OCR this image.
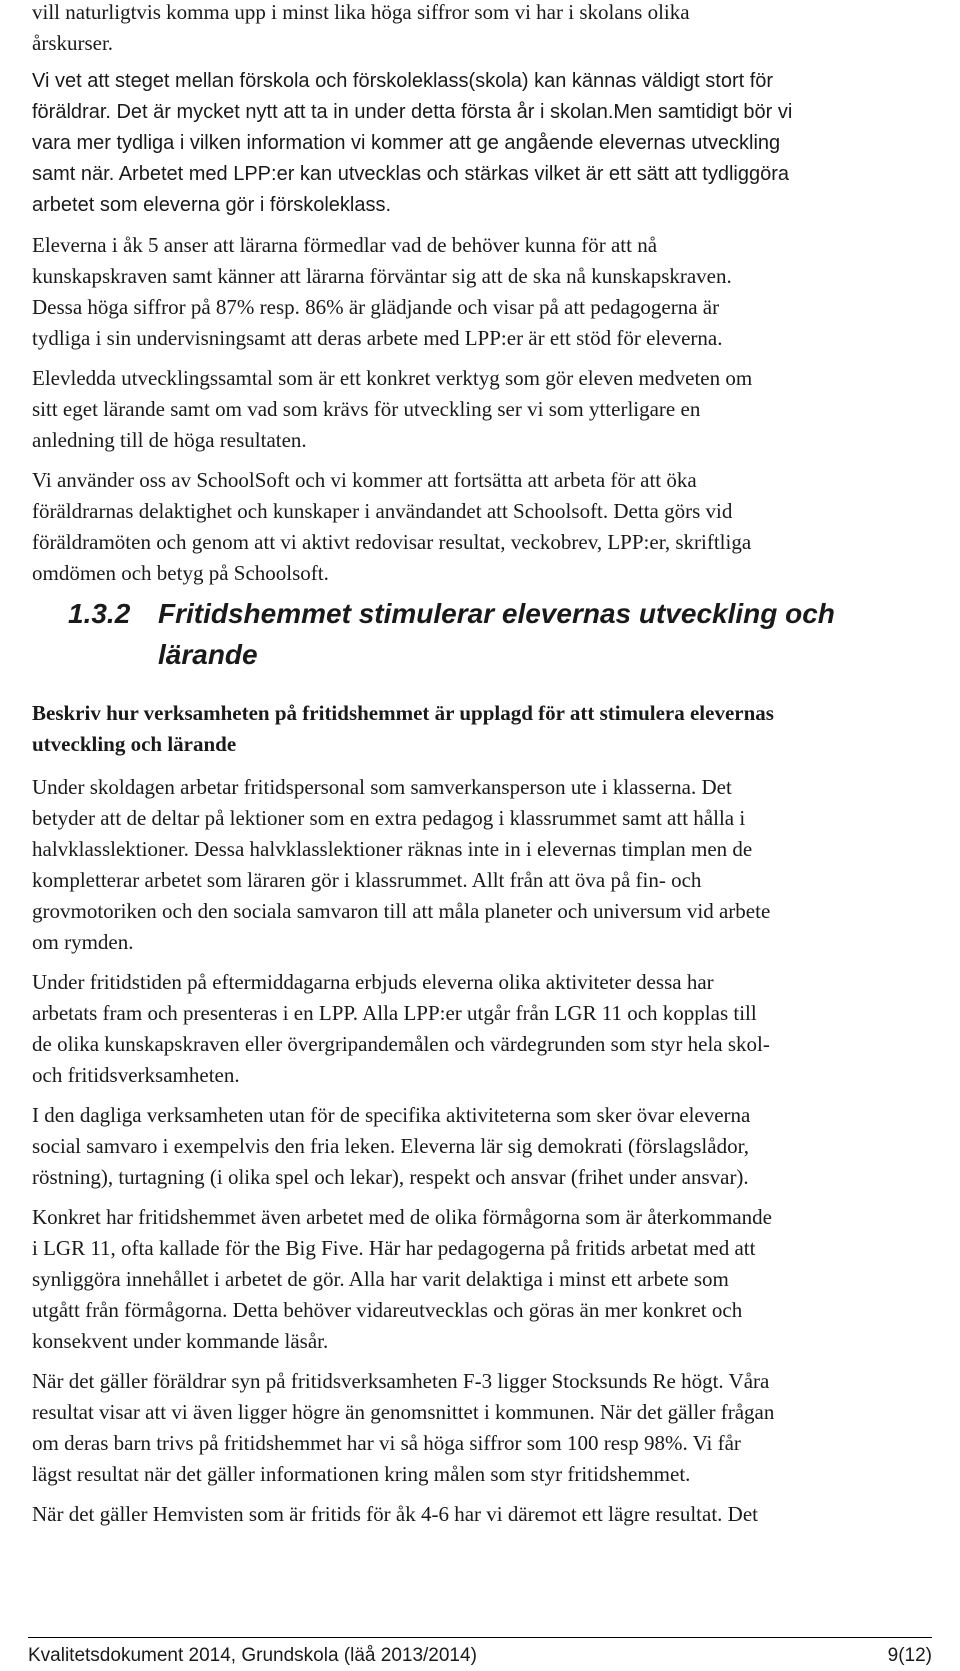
vill naturligtvis komma upp i minst lika höga siffror som vi har i skolans olika

årskurser.

Vi vet att steget mellan förskola och förskoleklass(skola) kan kännas väldigt stort för

föräldrar. Det är mycket nytt att ta in under detta första år i skolan.Men samtidigt bör vi

vara mer tydliga i vilken information vi kommer att ge angående elevernas utveckling

samt när. Arbetet med LPP:er kan utvecklas och stärkas vilket är ett sätt att tydliggöra

arbetet som eleverna gör i förskoleklass.

Eleverna i åk 5 anser att lärarna förmedlar vad de behöver kunna för att nå

kunskapskraven samt känner att lärarna förväntar sig att de ska nå kunskapskraven.

Dessa höga siffror på 87% resp. 86% är glädjande och visar på att pedagogerna är

tydliga i sin undervisningsamt att deras arbete med LPP:er är ett stöd för eleverna.

Elevledda utvecklingssamtal som är ett konkret verktyg som gör eleven medveten om

sitt eget lärande samt om vad som krävs för utveckling ser vi som ytterligare en

anledning till de höga resultaten.

Vi använder oss av SchoolSoft och vi kommer att fortsätta att arbeta för att öka

föräldrarnas delaktighet och kunskaper i användandet att Schoolsoft. Detta görs vid

föräldramöten och genom att vi aktivt redovisar resultat, veckobrev, LPP:er, skriftliga

omdömen och betyg på Schoolsoft.

1.3.2 Fritidshemmet stimulerar elevernas utveckling och
lärande

Beskriv hur verksamheten på fritidshemmet är upplagd för att stimulera elevernas

utveckling och lärande

Under skoldagen arbetar fritidspersonal som samverkansperson ute i klasserna. Det

betyder att de deltar på lektioner som en extra pedagog i klassrummet samt att hålla i

halvklasslektioner. Dessa halvklasslektioner räknas inte in i elevernas timplan men de

kompletterar arbetet som läraren gör i klassrummet. Allt från att öva på fin- och

grovmotoriken och den sociala samvaron till att måla planeter och universum vid arbete

om rymden.

Under fritidstiden på eftermiddagarna erbjuds eleverna olika aktiviteter dessa har

arbetats fram och presenteras i en LPP. Alla LPP:er utgår från LGR 11 och kopplas till

de olika kunskapskraven eller övergripandemålen och värdegrunden som styr hela skol-

och fritidsverksamheten.

I den dagliga verksamheten utan för de specifika aktiviteterna som sker övar eleverna

social samvaro i exempelvis den fria leken. Eleverna lär sig demokrati (förslagslådor,

röstning), turtagning (i olika spel och lekar), respekt och ansvar (frihet under ansvar).

Konkret har fritidshemmet även arbetet med de olika förmågorna som är återkommande

i LGR 11, ofta kallade för the Big Five. Här har pedagogerna på fritids arbetat med att

synliggöra innehållet i arbetet de gör. Alla har varit delaktiga i minst ett arbete som

utgått från förmågorna. Detta behöver vidareutvecklas och göras än mer konkret och

konsekvent under kommande läsår.

När det gäller föräldrar syn på fritidsverksamheten F-3 ligger Stocksunds Re högt. Våra

resultat visar att vi även ligger högre än genomsnittet i kommunen. När det gäller frågan

om deras barn trivs på fritidshemmet har vi så höga siffror som 100 resp 98%. Vi får

lägst resultat när det gäller informationen kring målen som styr fritidshemmet.

När det gäller Hemvisten som är fritids för åk 4-6 har vi däremot ett lägre resultat. Det

Kvalitetsdokument 2014, Grundskola (läå 2013/2014)	9(12)
